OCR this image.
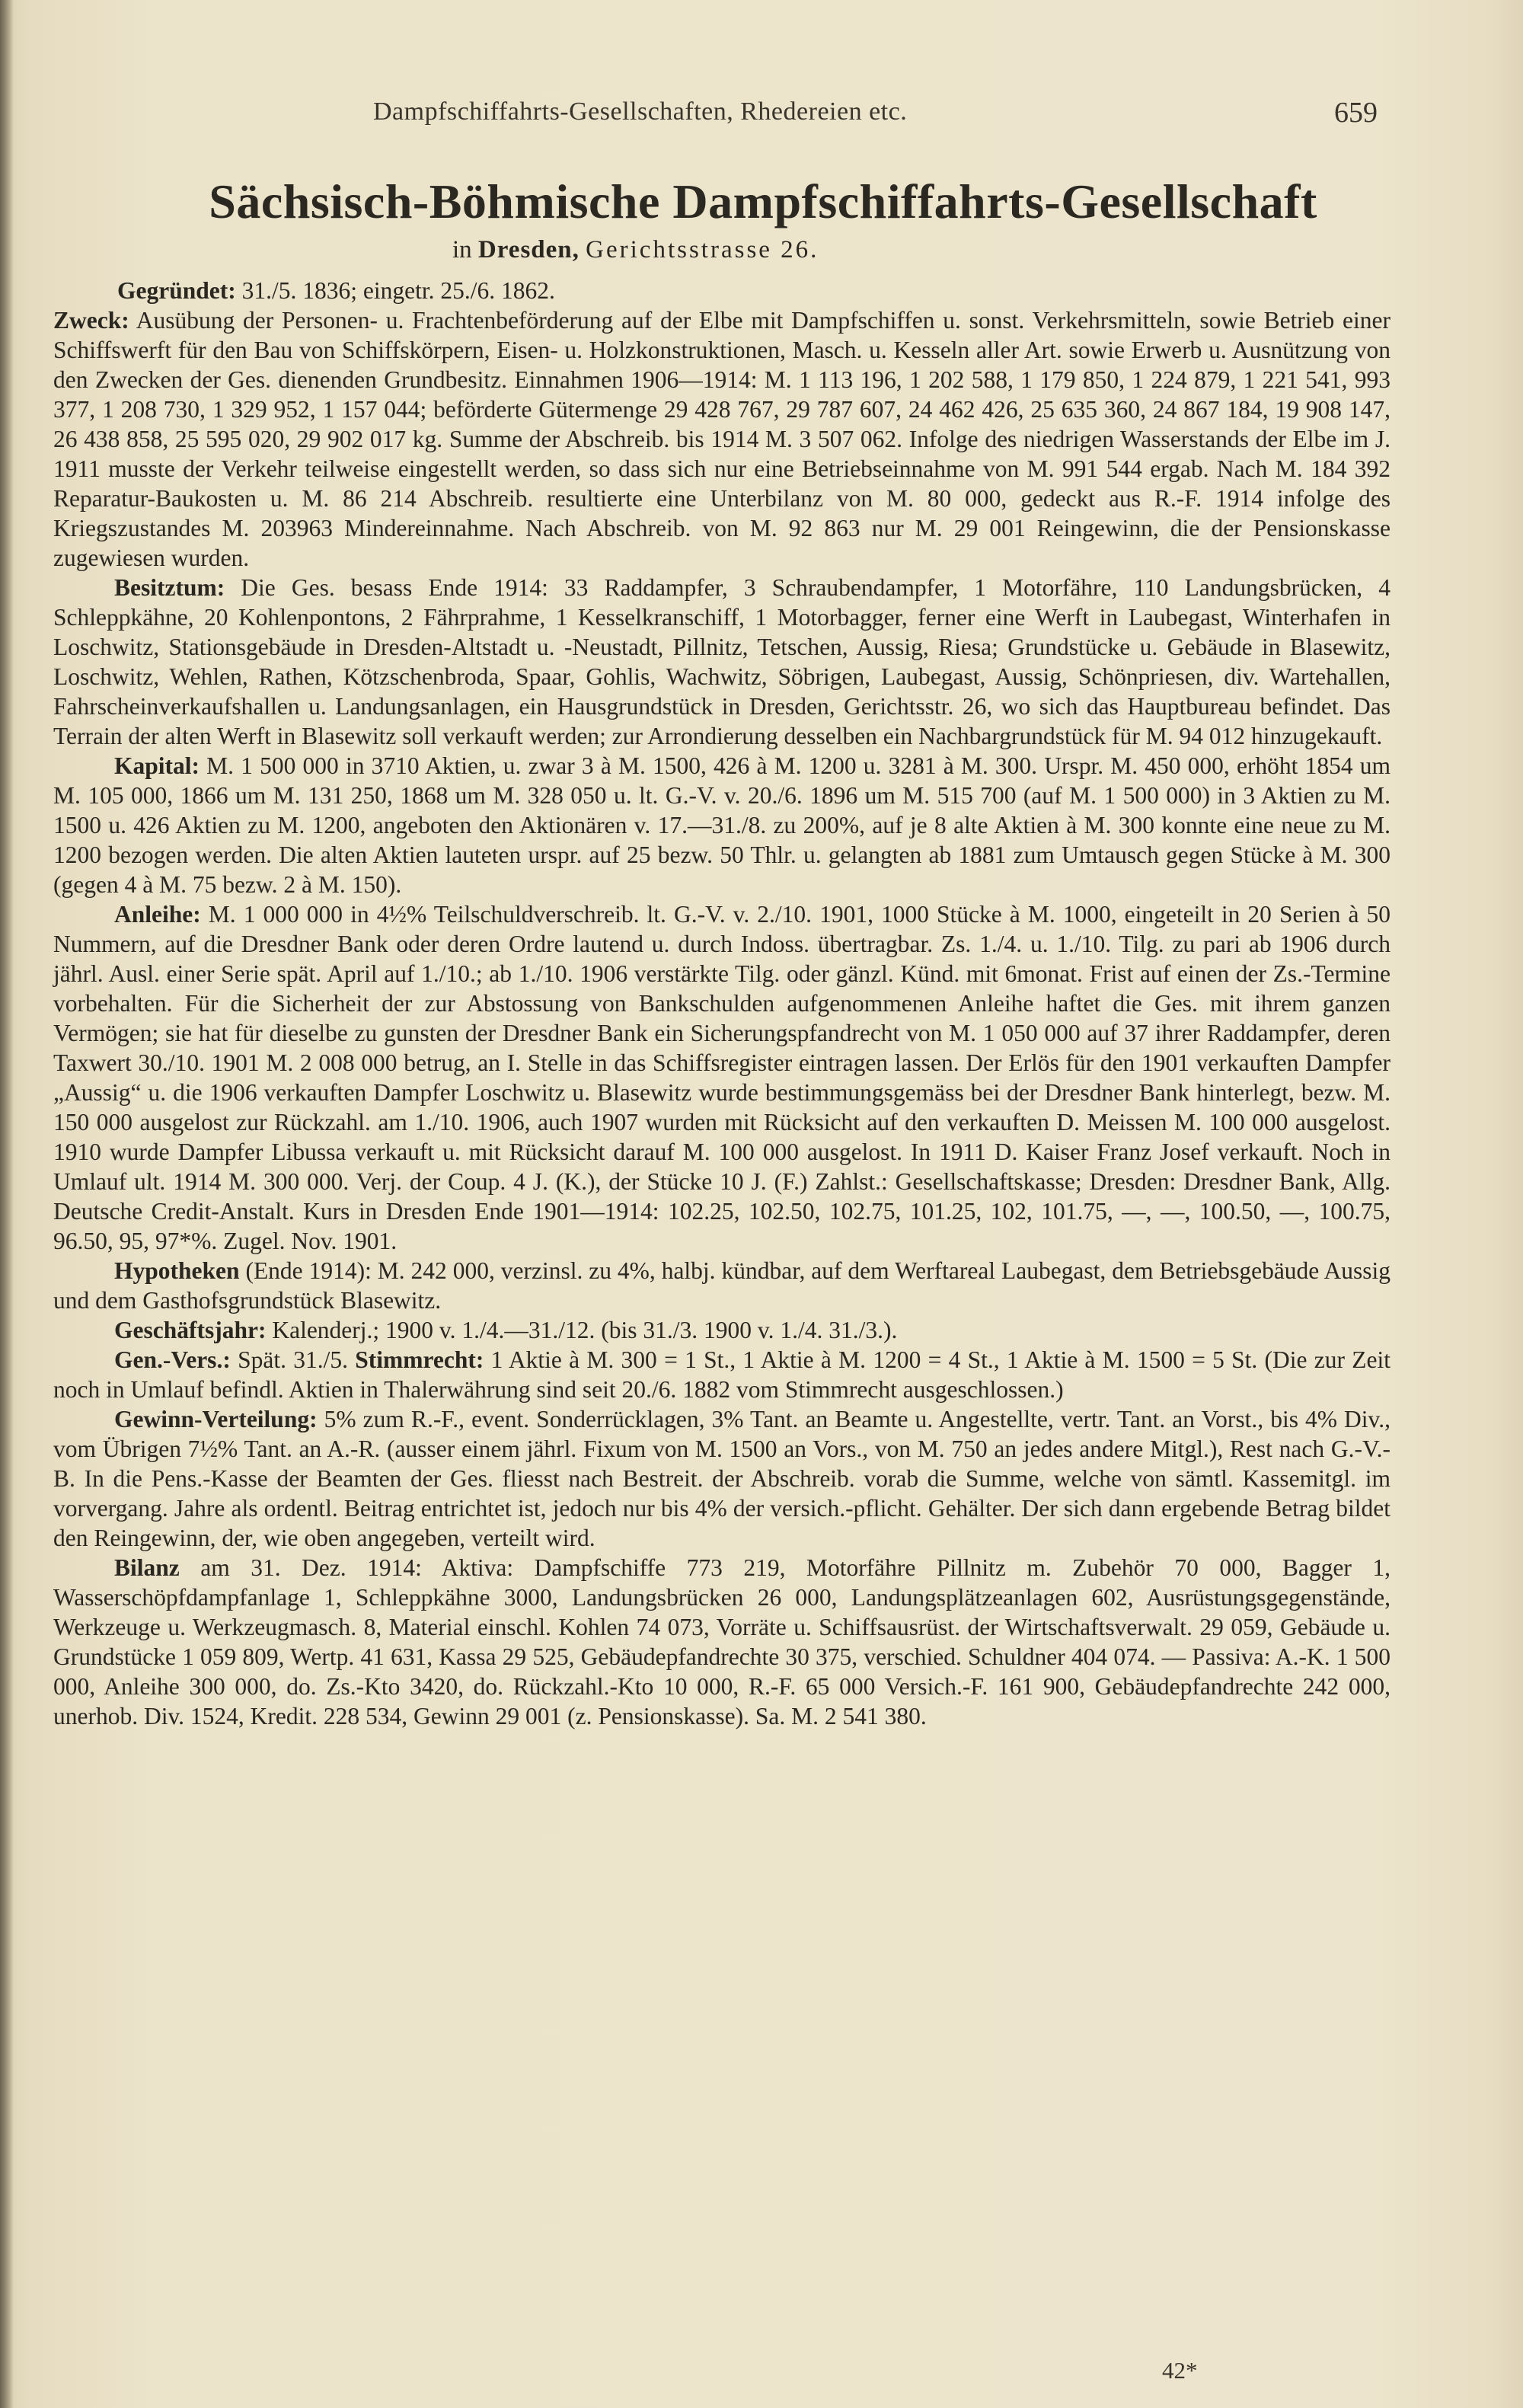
Dampfschiffahrts-Gesellschaften, Rhedereien etc.	659
Sächsisch-Böhmische Dampfschiffahrts-Gesellschaft
in Dresden, Gerichtsstrasse 26.

Gegründet: 31./5. 1836; eingetr. 25./6. 1862.

Zweck: Ausübung der Personen- u. Frachtenbeförderung auf der Elbe mit Dampfschiffen u. sonst. Verkehrsmitteln, sowie Betrieb einer Schiffswerft für den Bau von Schiffskörpern, Eisen- u. Holzkonstruktionen, Masch. u. Kesseln aller Art. sowie Erwerb u. Ausnützung von den Zwecken der Ges. dienenden Grundbesitz. Einnahmen 1906—1914: M. 1 113 196, 1 202 588, 1 179 850, 1 224 879, 1 221 541, 993 377, 1 208 730, 1 329 952, 1 157 044; beförderte Gütermenge 29 428 767, 29 787 607, 24 462 426, 25 635 360, 24 867 184, 19 908 147, 26 438 858, 25 595 020, 29 902 017 kg. Summe der Abschreib. bis 1914 M. 3 507 062. Infolge des niedrigen Wasserstands der Elbe im J. 1911 musste der Verkehr teilweise eingestellt werden, so dass sich nur eine Betriebseinnahme von M. 991 544 ergab. Nach M. 184 392 Reparatur-Baukosten u. M. 86 214 Abschreib. resultierte eine Unterbilanz von M. 80 000, gedeckt aus R.-F. 1914 infolge des Kriegszustandes M. 203963 Mindereinnahme. Nach Abschreib. von M. 92 863 nur M. 29 001 Reingewinn, die der Pensionskasse zugewiesen wurden.

Besitztum: Die Ges. besass Ende 1914: 33 Raddampfer, 3 Schraubendampfer, 1 Motorfähre, 110 Landungsbrücken, 4 Schleppkähne, 20 Kohlenpontons, 2 Fährprahme, 1 Kesselkranschiff, 1 Motorbagger, ferner eine Werft in Laubegast, Winterhafen in Loschwitz, Stationsgebäude in Dresden-Altstadt u. -Neustadt, Pillnitz, Tetschen, Aussig, Riesa; Grundstücke u. Gebäude in Blasewitz, Loschwitz, Wehlen, Rathen, Kötzschenbroda, Spaar, Gohlis, Wachwitz, Söbrigen, Laubegast, Aussig, Schönpriesen, div. Wartehallen, Fahrscheinverkaufshallen u. Landungsanlagen, ein Hausgrundstück in Dresden, Gerichtsstr. 26, wo sich das Hauptbureau befindet. Das Terrain der alten Werft in Blasewitz soll verkauft werden; zur Arrondierung desselben ein Nachbargrundstück für M. 94 012 hinzugekauft.

Kapital: M. 1 500 000 in 3710 Aktien, u. zwar 3 à M. 1500, 426 à M. 1200 u. 3281 à M. 300. Urspr. M. 450 000, erhöht 1854 um M. 105 000, 1866 um M. 131 250, 1868 um M. 328 050 u. lt. G.-V. v. 20./6. 1896 um M. 515 700 (auf M. 1 500 000) in 3 Aktien zu M. 1500 u. 426 Aktien zu M. 1200, angeboten den Aktionären v. 17.—31./8. zu 200%, auf je 8 alte Aktien à M. 300 konnte eine neue zu M. 1200 bezogen werden. Die alten Aktien lauteten urspr. auf 25 bezw. 50 Thlr. u. gelangten ab 1881 zum Umtausch gegen Stücke à M. 300 (gegen 4 à M. 75 bezw. 2 à M. 150).

Anleihe: M. 1 000 000 in 4½% Teilschuldverschreib. lt. G.-V. v. 2./10. 1901, 1000 Stücke à M. 1000, eingeteilt in 20 Serien à 50 Nummern, auf die Dresdner Bank oder deren Ordre lautend u. durch Indoss. übertragbar. Zs. 1./4. u. 1./10. Tilg. zu pari ab 1906 durch jährl. Ausl. einer Serie spät. April auf 1./10.; ab 1./10. 1906 verstärkte Tilg. oder gänzl. Künd. mit 6monat. Frist auf einen der Zs.-Termine vorbehalten. Für die Sicherheit der zur Abstossung von Bankschulden aufgenommenen Anleihe haftet die Ges. mit ihrem ganzen Vermögen; sie hat für dieselbe zu gunsten der Dresdner Bank ein Sicherungspfandrecht von M. 1 050 000 auf 37 ihrer Raddampfer, deren Taxwert 30./10. 1901 M. 2 008 000 betrug, an I. Stelle in das Schiffsregister eintragen lassen. Der Erlös für den 1901 verkauften Dampfer „Aussig“ u. die 1906 verkauften Dampfer Loschwitz u. Blasewitz wurde bestimmungsgemäss bei der Dresdner Bank hinterlegt, bezw. M. 150 000 ausgelost zur Rückzahl. am 1./10. 1906, auch 1907 wurden mit Rücksicht auf den verkauften D. Meissen M. 100 000 ausgelost. 1910 wurde Dampfer Libussa verkauft u. mit Rücksicht darauf M. 100 000 ausgelost. In 1911 D. Kaiser Franz Josef verkauft. Noch in Umlauf ult. 1914 M. 300 000. Verj. der Coup. 4 J. (K.), der Stücke 10 J. (F.) Zahlst.: Gesellschaftskasse; Dresden: Dresdner Bank, Allg. Deutsche Credit-Anstalt. Kurs in Dresden Ende 1901—1914: 102.25, 102.50, 102.75, 101.25, 102, 101.75, —, —, 100.50, —, 100.75, 96.50, 95, 97*%. Zugel. Nov. 1901.

Hypotheken (Ende 1914): M. 242 000, verzinsl. zu 4%, halbj. kündbar, auf dem Werftareal Laubegast, dem Betriebsgebäude Aussig und dem Gasthofsgrundstück Blasewitz.

Geschäftsjahr: Kalenderj.; 1900 v. 1./4.—31./12. (bis 31./3. 1900 v. 1./4. 31./3.).

Gen.-Vers.: Spät. 31./5. Stimmrecht: 1 Aktie à M. 300 = 1 St., 1 Aktie à M. 1200 = 4 St., 1 Aktie à M. 1500 = 5 St. (Die zur Zeit noch in Umlauf befindl. Aktien in Thalerwährung sind seit 20./6. 1882 vom Stimmrecht ausgeschlossen.)

Gewinn-Verteilung: 5% zum R.-F., event. Sonderrücklagen, 3% Tant. an Beamte u. Angestellte, vertr. Tant. an Vorst., bis 4% Div., vom Übrigen 7½% Tant. an A.-R. (ausser einem jährl. Fixum von M. 1500 an Vors., von M. 750 an jedes andere Mitgl.), Rest nach G.-V.-B. In die Pens.-Kasse der Beamten der Ges. fliesst nach Bestreit. der Abschreib. vorab die Summe, welche von sämtl. Kassemitgl. im vorvergang. Jahre als ordentl. Beitrag entrichtet ist, jedoch nur bis 4% der versich.-pflicht. Gehälter. Der sich dann ergebende Betrag bildet den Reingewinn, der, wie oben angegeben, verteilt wird.

Bilanz am 31. Dez. 1914: Aktiva: Dampfschiffe 773 219, Motorfähre Pillnitz m. Zubehör 70 000, Bagger 1, Wasserschöpfdampfanlage 1, Schleppkähne 3000, Landungsbrücken 26 000, Landungsplätzeanlagen 602, Ausrüstungsgegenstände, Werkzeuge u. Werkzeugmasch. 8, Material einschl. Kohlen 74 073, Vorräte u. Schiffsausrüst. der Wirtschaftsverwalt. 29 059, Gebäude u. Grundstücke 1 059 809, Wertp. 41 631, Kassa 29 525, Gebäudepfandrechte 30 375, verschied. Schuldner 404 074. — Passiva: A.-K. 1 500 000, Anleihe 300 000, do. Zs.-Kto 3420, do. Rückzahl.-Kto 10 000, R.-F. 65 000 Versich.-F. 161 900, Gebäudepfandrechte 242 000, unerhob. Div. 1524, Kredit. 228 534, Gewinn 29 001 (z. Pensionskasse). Sa. M. 2 541 380.

42*
